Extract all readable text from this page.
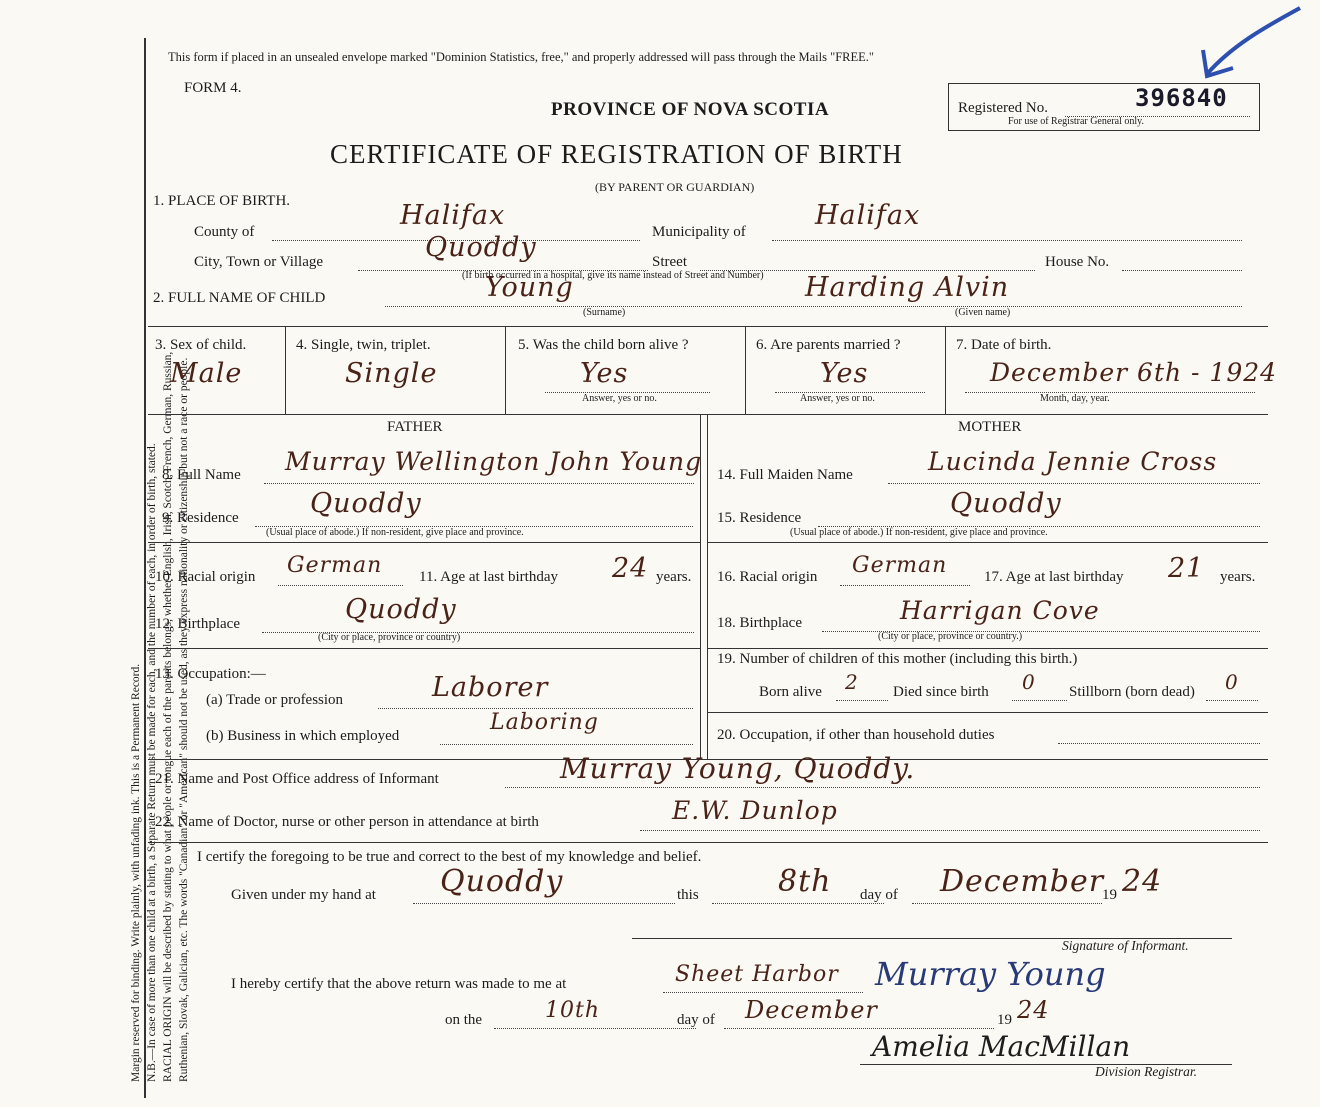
Margin reserved for binding. Write plainly, with unfading ink. This is a Permanent Record. N.B.—In case of more than one child at a birth, a Separate Return must be made for each, and the number of each, in order of birth, stated. RACIAL ORIGIN will be described by stating to what people or tongue each of the parents belongs, whether English, Irish, Scotch, French, German, Russian, Ruthenian, Slovak, Galician, etc. The words "Canadian" or "American" should not be used, as they express nationality or citizenship but not a race or people.
This form if placed in an unsealed envelope marked "Dominion Statistics, free," and properly addressed will pass through the Mails "FREE."
FORM 4.
PROVINCE OF NOVA SCOTIA	Registered No.	396840
For use of Registrar General only.
CERTIFICATE OF REGISTRATION OF BIRTH
(BY PARENT OR GUARDIAN)
1. PLACE OF BIRTH.
County of
Halifax
Municipality of
Halifax
City, Town or Village	Quoddy	Street	House No.
(If birth occurred in a hospital, give its name instead of Street and Number)
2. FULL NAME OF CHILD	Young	Harding Alvin
(Surname)	(Given name)
3. Sex of child.
Male
4. Single, twin, triplet.
Single
5. Was the child born alive ?
Yes
Answer, yes or no.
6. Are parents married ?
Yes
Answer, yes or no.
7. Date of birth.
December 6th - 1924
Month, day, year.
FATHER	MOTHER
8. Full Name Murray Wellington John Young
9. Residence	Quoddy
(Usual place of abode.) If non-resident, give place and province.
10. Racial origin German 11. Age at last birthday 24 years.
12. Birthplace	Quoddy
(City or place, province or country)
13. Occupation:—
(a) Trade or profession	Laborer
(b) Business in which employed
Laboring
14. Full Maiden Name	Lucinda Jennie Cross
15. Residence	Quoddy
(Usual place of abode.) If non-resident, give place and province.
16. Racial origin German 17. Age at last birthday 21 years.
18. Birthplace	Harrigan Cove
(City or place, province or country.)
19. Number of children of this mother (including this birth.)
Born alive 2 Died since birth 0 Stillborn (born dead) 0
20. Occupation, if other than household duties
21. Name and Post Office address of Informant	Murray Young, Quoddy.
22. Name of Doctor, nurse or other person in attendance at birth	E.W. Dunlop
I certify the foregoing to be true and correct to the best of my knowledge and belief.
Given under my hand at Quoddy	this	8th day of December
19 24
Signature of Informant.
I hereby certify that the above return was made to me at	Sheet Harbor Murray Young
on the	10th	day of December	19 24
Amelia MacMillan
Division Registrar.
